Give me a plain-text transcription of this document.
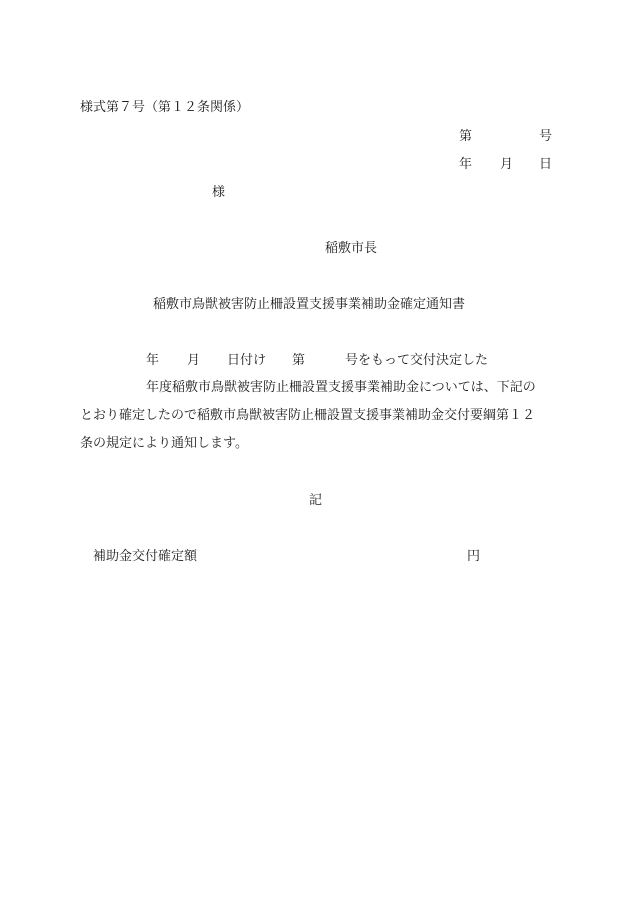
様式第７号（第１２条関係）
第	号
年 月 日
様
稲敷市長
稲敷市鳥獣被害防止柵設置支援事業補助金確定通知書
年 月 日付け 第	号をもって交付決定した
年度稲敷市鳥獣被害防止柵設置支援事業補助金については、下記の
とおり確定したので稲敷市鳥獣被害防止柵設置支援事業補助金交付要綱第１２
条の規定により通知します。
記
補助金交付確定額	円
